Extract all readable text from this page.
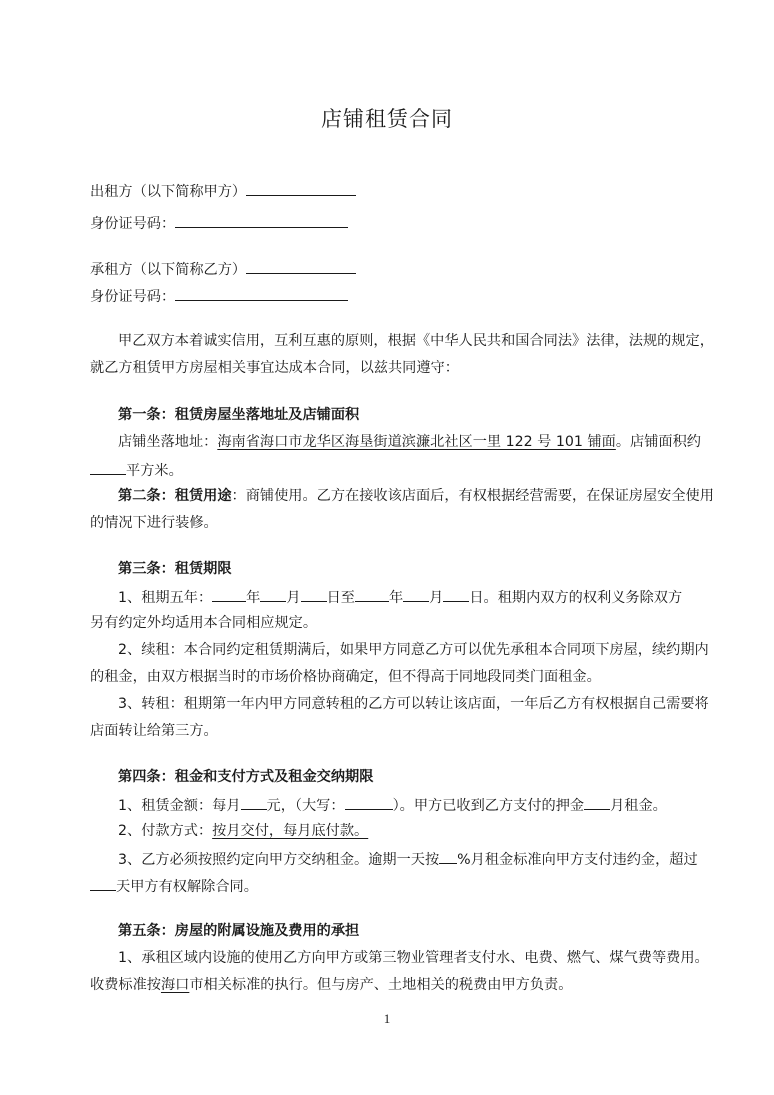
店铺租赁合同
出租方（以下简称甲方）
身份证号码：
承租方（以下简称乙方）
身份证号码：
甲乙双方本着诚实信用，互利互惠的原则，根据《中华人民共和国合同法》法律，法规的规定，
就乙方租赁甲方房屋相关事宜达成本合同，以兹共同遵守：
第一条：租赁房屋坐落地址及店铺面积
店铺坐落地址：海南省海口市龙华区海垦街道滨濂北社区一里 122 号 101 铺面。店铺面积约
平方米。
第二条：租赁用途：商铺使用。乙方在接收该店面后，有权根据经营需要，在保证房屋安全使用
的情况下进行装修。
第三条：租赁期限
1、租期五年： 年 月 日至 年 月 日。租期内双方的权利义务除双方
另有约定外均适用本合同相应规定。
2、续租：本合同约定租赁期满后，如果甲方同意乙方可以优先承租本合同项下房屋，续约期内
的租金，由双方根据当时的市场价格协商确定，但不得高于同地段同类门面租金。
3、转租：租期第一年内甲方同意转租的乙方可以转让该店面，一年后乙方有权根据自己需要将
店面转让给第三方。
第四条：租金和支付方式及租金交纳期限
1、租赁金额：每月 元，（大写：	）。甲方已收到乙方支付的押金 月租金。
2、付款方式：按月交付，每月底付款。
3、乙方必须按照约定向甲方交纳租金。逾期一天按 %月租金标准向甲方支付违约金，超过
天甲方有权解除合同。
第五条：房屋的附属设施及费用的承担
1、承租区域内设施的使用乙方向甲方或第三物业管理者支付水、电费、燃气、煤气费等费用。
收费标准按海口市相关标准的执行。但与房产、土地相关的税费由甲方负责。
1
